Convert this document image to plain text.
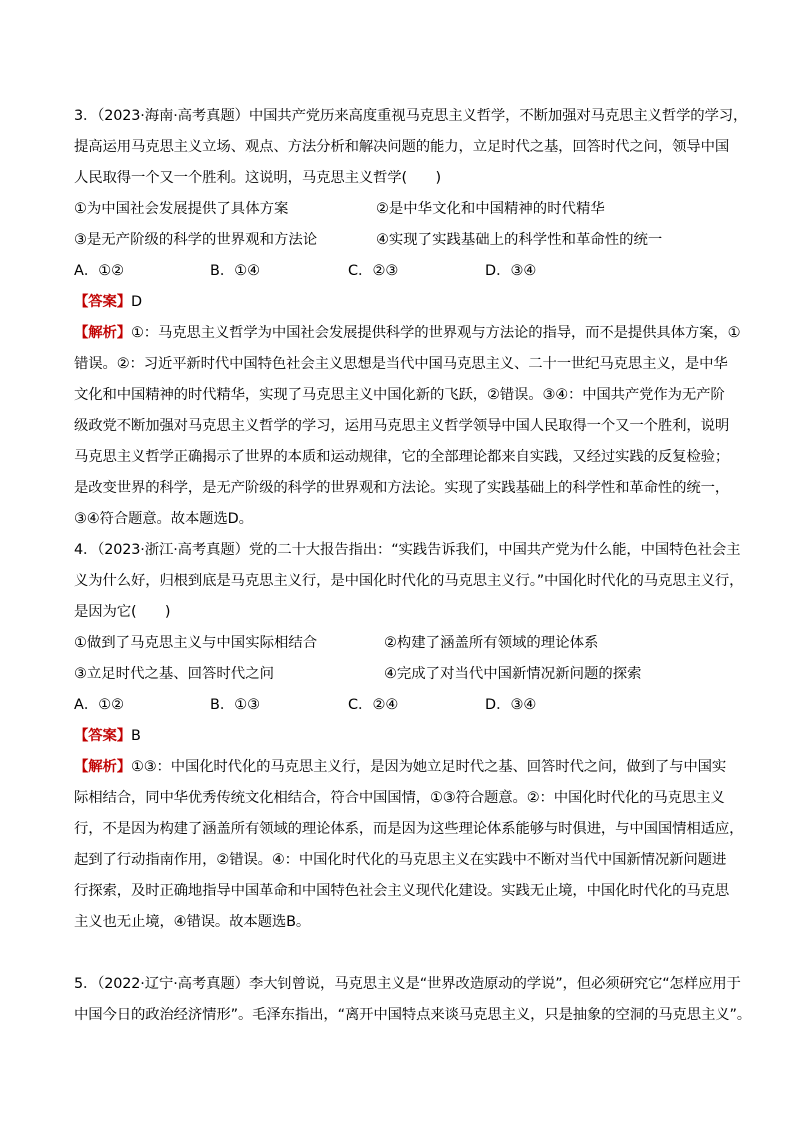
3．（2023·海南·高考真题）中国共产党历来高度重视马克思主义哲学，不断加强对马克思主义哲学的学习，
提高运用马克思主义立场、观点、方法分析和解决问题的能力，立足时代之基，回答时代之问，领导中国
人民取得一个又一个胜利。这说明，马克思主义哲学(　　)
①为中国社会发展提供了具体方案	②是中华文化和中国精神的时代精华
③是无产阶级的科学的世界观和方法论	④实现了实践基础上的科学性和革命性的统一
A．①②	B．①④	C．②③	D．③④
【答案】D
【解析】①：马克思主义哲学为中国社会发展提供科学的世界观与方法论的指导，而不是提供具体方案，①
错误。②：习近平新时代中国特色社会主义思想是当代中国马克思主义、二十一世纪马克思主义，是中华
文化和中国精神的时代精华，实现了马克思主义中国化新的飞跃，②错误。③④：中国共产党作为无产阶
级政党不断加强对马克思主义哲学的学习，运用马克思主义哲学领导中国人民取得一个又一个胜利，说明
马克思主义哲学正确揭示了世界的本质和运动规律，它的全部理论都来自实践，又经过实践的反复检验；
是改变世界的科学，是无产阶级的科学的世界观和方法论。实现了实践基础上的科学性和革命性的统一，
③④符合题意。故本题选D。
4．（2023·浙江·高考真题）党的二十大报告指出：“实践告诉我们，中国共产党为什么能，中国特色社会主
义为什么好，归根到底是马克思主义行，是中国化时代化的马克思主义行。”中国化时代化的马克思主义行，
是因为它(　　)
①做到了马克思主义与中国实际相结合	②构建了涵盖所有领域的理论体系
③立足时代之基、回答时代之问	④完成了对当代中国新情况新问题的探索
A．①②	B．①③	C．②④	D．③④
【答案】B
【解析】①③：中国化时代化的马克思主义行，是因为她立足时代之基、回答时代之问，做到了与中国实
际相结合，同中华优秀传统文化相结合，符合中国国情，①③符合题意。②：中国化时代化的马克思主义
行，不是因为构建了涵盖所有领域的理论体系，而是因为这些理论体系能够与时俱进，与中国国情相适应，
起到了行动指南作用，②错误。④：中国化时代化的马克思主义在实践中不断对当代中国新情况新问题进
行探索，及时正确地指导中国革命和中国特色社会主义现代化建设。实践无止境，中国化时代化的马克思
主义也无止境，④错误。故本题选B。
5．（2022·辽宁·高考真题）李大钊曾说，马克思主义是“世界改造原动的学说”，但必须研究它“怎样应用于
中国今日的政治经济情形”。毛泽东指出，“离开中国特点来谈马克思主义，只是抽象的空洞的马克思主义”。
